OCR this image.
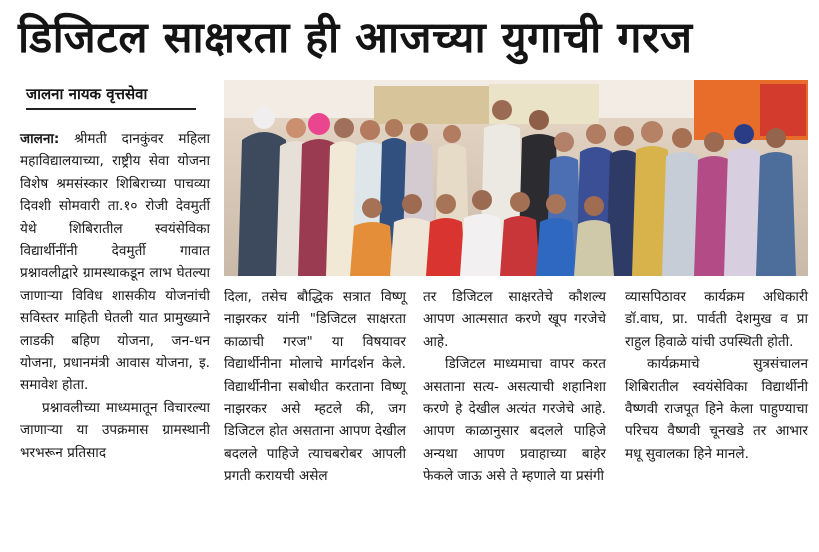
डिजिटल साक्षरता ही आजच्या युगाची गरज
जालना नायक वृत्तसेवा

जालना: श्रीमती दानकुंवर महिला महाविद्यालयाच्या, राष्ट्रीय सेवा योजना विशेष श्रमसंस्कार शिबिराच्या पाचव्या दिवशी सोमवारी ता.१० रोजी देवमुर्ती येथे शिबिरातील स्वयंसेविका विद्यार्थीनींनी देवमुर्ती गावात प्रश्नावलीद्वारे ग्रामस्थाकडून लाभ घेतल्या जाणाऱ्या विविध शासकीय योजनांची सविस्तर माहिती घेतली यात प्रामुख्याने लाडकी बहिण योजना, जन-धन योजना, प्रधानमंत्री आवास योजना, इ. समावेश होता.

प्रश्नावलीच्या माध्यमातून विचारल्या जाणाऱ्या या उपक्रमास ग्रामस्थानी भरभरून प्रतिसाद

दिला, तसेच बौद्धिक सत्रात विष्णू नाझरकर यांनी "डिजिटल साक्षरता काळाची गरज" या विषयावर विद्यार्थीनीना मोलाचे मार्गदर्शन केले. विद्यार्थीनीना सबोधीत करताना विष्णू नाझरकर असे म्हटले की, जग डिजिटल होत असताना आपण देखील बदलले पाहिजे त्याचबरोबर आपली प्रगती करायची असेल

तर डिजिटल साक्षरतेचे कौशल्य आपण आत्मसात करणे खूप गरजेचे आहे.

डिजिटल माध्यमाचा वापर करत असताना सत्य- असत्याची शहानिशा करणे हे देखील अत्यंत गरजेचे आहे. आपण काळानुसार बदलले पाहिजे अन्यथा आपण प्रवाहाच्या बाहेर फेकले जाऊ असे ते म्हणाले या प्रसंगी

व्यासपिठावर कार्यक्रम अधिकारी डॉ.वाघ, प्रा. पार्वती देशमुख व प्रा राहुल हिवाळे यांची उपस्थिती होती.

कार्यक्रमाचे सुत्रसंचालन शिबिरातील स्वयंसेविका विद्यार्थीनी वैष्णवी राजपूत हिने केला पाहुण्याचा परिचय वैष्णवी चूनखडे तर आभार मधू सुवालका हिने मानले.
